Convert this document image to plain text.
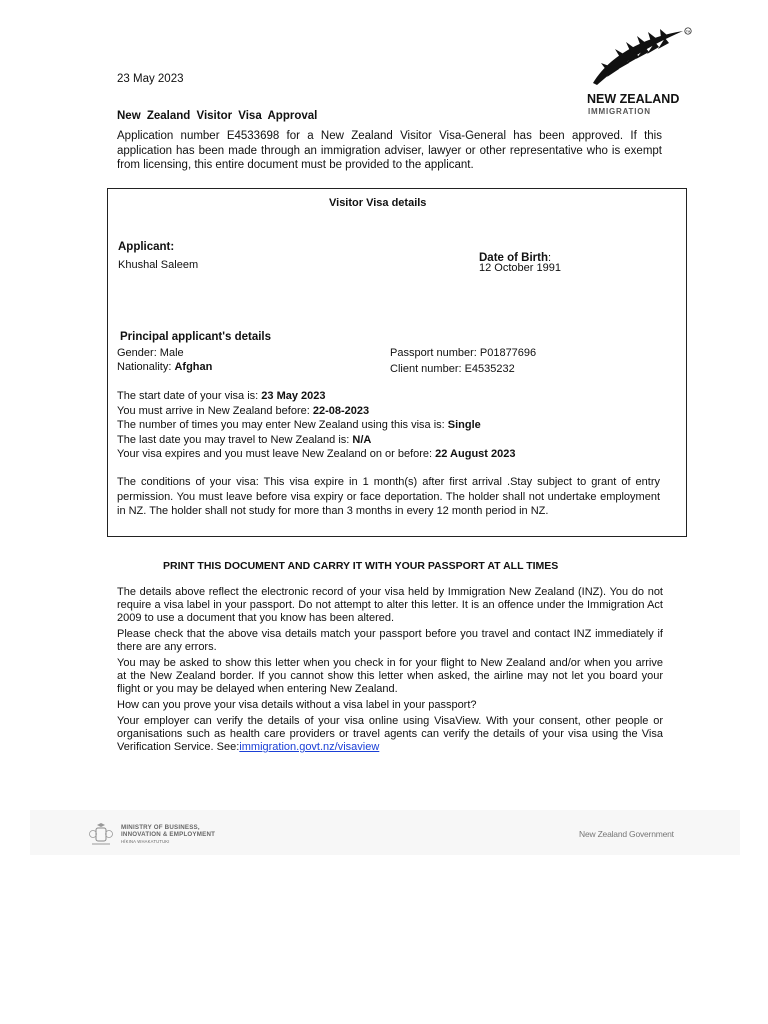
23 May 2023
TM
NEW ZEALAND
IMMIGRATION
New Zealand Visitor Visa Approval
Application number E4533698 for a New Zealand Visitor Visa-General has been approved. If this application has been made through an immigration adviser, lawyer or other representative who is exempt from licensing, this entire document must be provided to the applicant.
Visitor Visa details
Applicant:
Khushal Saleem
Date of Birth:
12 October 1991
Principal applicant's details
Gender: Male
Nationality: Afghan
Passport number: P01877696
Client number: E4535232
The start date of your visa is: 23 May 2023
You must arrive in New Zealand before: 22-08-2023
The number of times you may enter New Zealand using this visa is: Single
The last date you may travel to New Zealand is: N/A
Your visa expires and you must leave New Zealand on or before: 22 August 2023
The conditions of your visa: This visa expire in 1 month(s) after first arrival .Stay subject to grant of entry permission. You must leave before visa expiry or face deportation. The holder shall not undertake employment in NZ. The holder shall not study for more than 3 months in every 12 month period in NZ.
PRINT THIS DOCUMENT AND CARRY IT WITH YOUR PASSPORT AT ALL TIMES

The details above reflect the electronic record of your visa held by Immigration New Zealand (INZ). You do not require a visa label in your passport. Do not attempt to alter this letter. It is an offence under the Immigration Act 2009 to use a document that you know has been altered.

Please check that the above visa details match your passport before you travel and contact INZ immediately if there are any errors.

You may be asked to show this letter when you check in for your flight to New Zealand and/or when you arrive at the New Zealand border. If you cannot show this letter when asked, the airline may not let you board your flight or you may be delayed when entering New Zealand.

How can you prove your visa details without a visa label in your passport?

Your employer can verify the details of your visa online using VisaView. With your consent, other people or organisations such as health care providers or travel agents can verify the details of your visa using the Visa Verification Service. See:immigration.govt.nz/visaview

MINISTRY OF BUSINESS,
INNOVATION & EMPLOYMENT
HĪKINA WHAKATUTUKI
New Zealand Government
